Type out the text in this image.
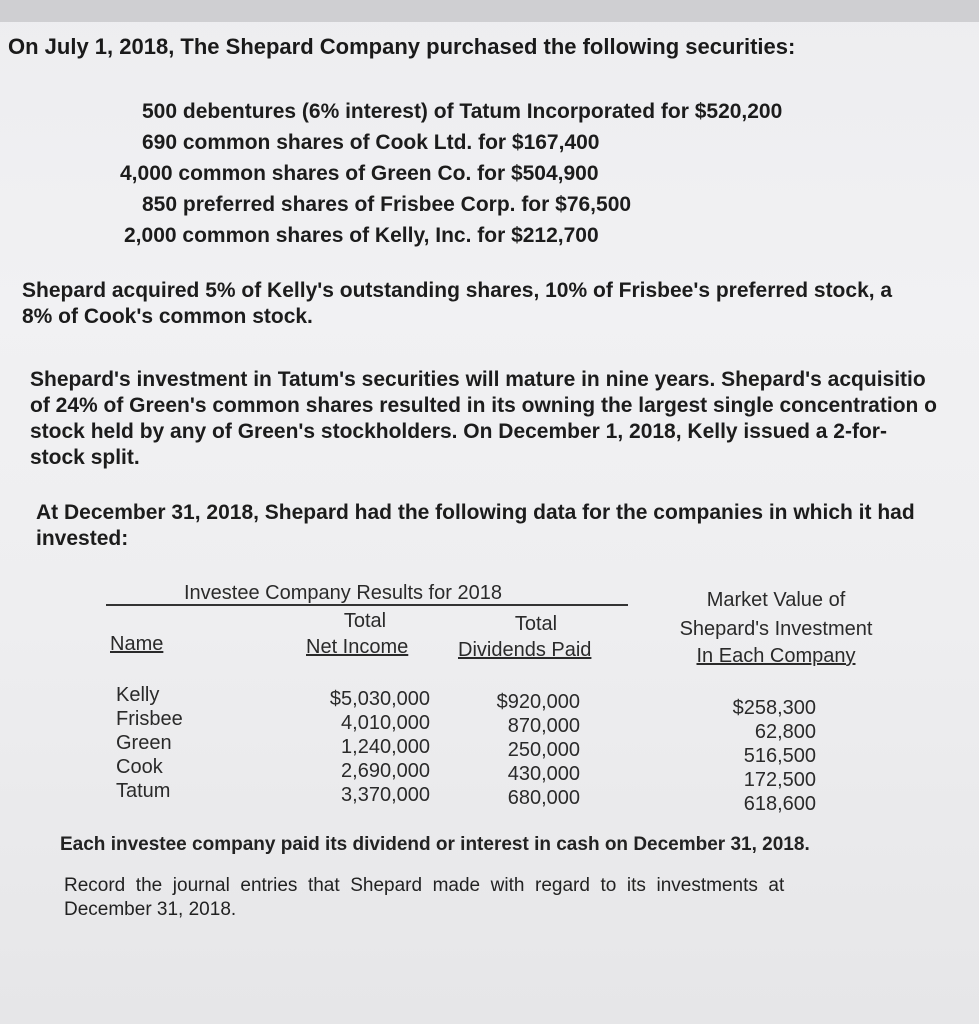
On July 1, 2018, The Shepard Company purchased the following securities:
500 debentures (6% interest) of Tatum Incorporated for $520,200
690 common shares of Cook Ltd. for $167,400
4,000 common shares of Green Co. for $504,900
850 preferred shares of Frisbee Corp. for $76,500
2,000 common shares of Kelly, Inc. for $212,700
Shepard acquired 5% of Kelly's outstanding shares, 10% of Frisbee's preferred stock, a
8% of Cook's common stock.
Shepard's investment in Tatum's securities will mature in nine years. Shepard's acquisitio
of 24% of Green's common shares resulted in its owning the largest single concentration o
stock held by any of Green's stockholders. On December 1, 2018, Kelly issued a 2-for-
stock split.
At December 31, 2018, Shepard had the following data for the companies in which it had
invested:
Investee Company Results for 2018
Name
Total
Net Income
Total
Dividends Paid
Market Value of
Shepard's Investment
In Each Company
Kelly
Frisbee
Green
Cook
Tatum
$5,030,000
4,010,000
1,240,000
2,690,000
3,370,000
$920,000
870,000
250,000
430,000
680,000
$258,300
62,800
516,500
172,500
618,600
Each investee company paid its dividend or interest in cash on December 31, 2018.
Record  the  journal  entries  that  Shepard  made  with  regard  to  its  investments  at
December 31, 2018.
